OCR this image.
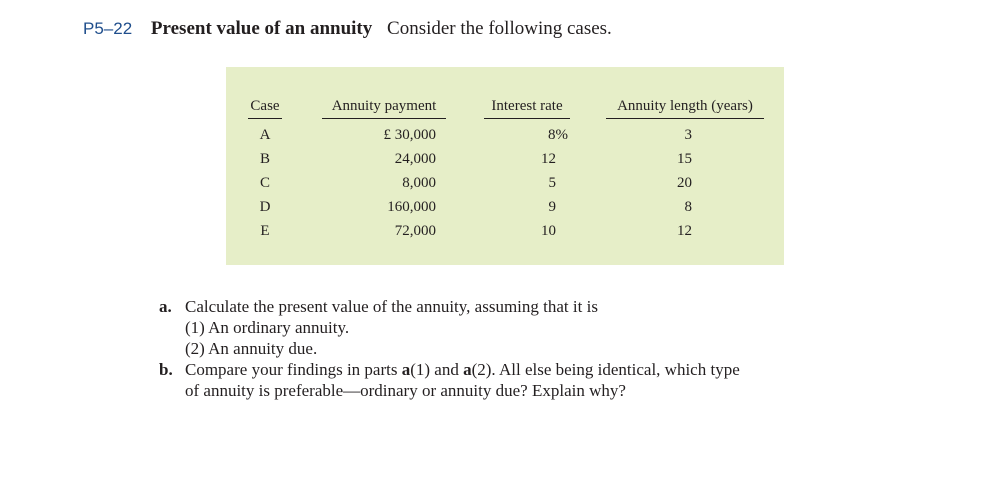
P5–22 Present value of an annuity Consider the following cases.
Case	Annuity payment	Interest rate	Annuity length (years)
A	£ 30,000	8%	3
B	24,000	12	15
C	8,000	5	20
D	160,000	9	8
E	72,000	10	12
a. Calculate the present value of the annuity, assuming that it is
(1) An ordinary annuity.
(2) An annuity due.
b. Compare your findings in parts a(1) and a(2). All else being identical, which type
of annuity is preferable—ordinary or annuity due? Explain why?
